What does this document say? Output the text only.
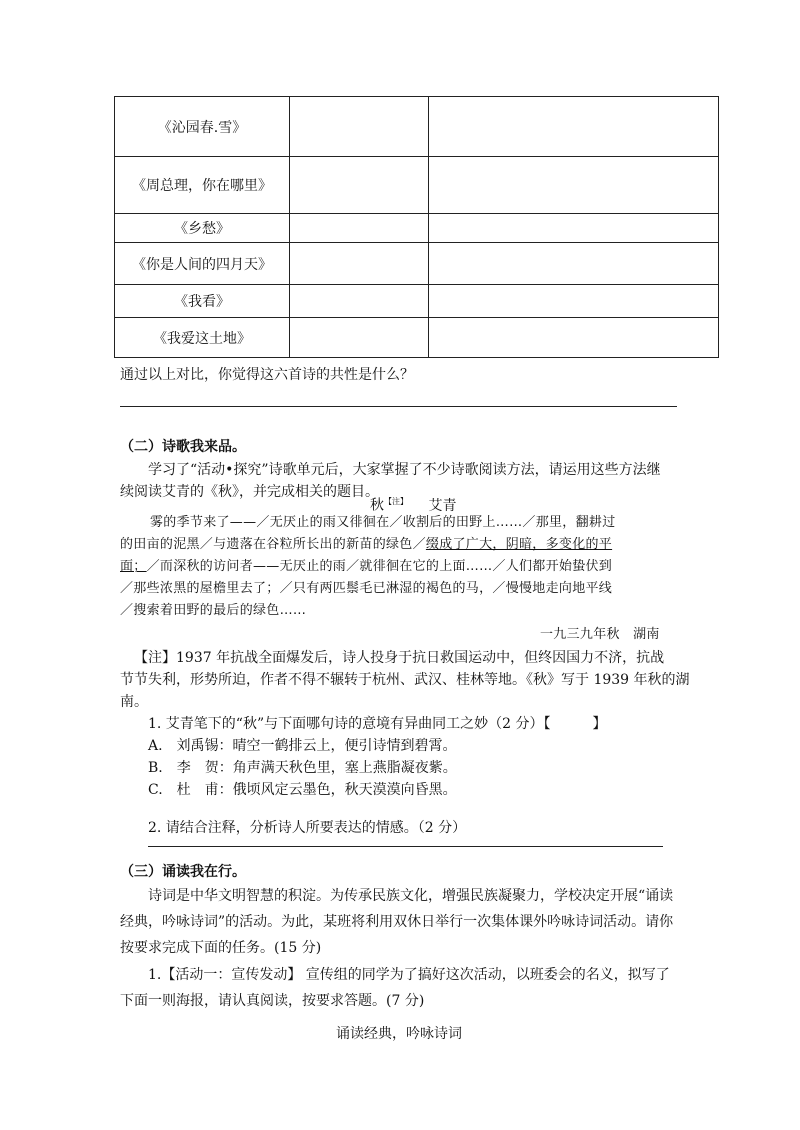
《沁园春.雪》		
《周总理，你在哪里》		
《乡愁》		
《你是人间的四月天》		
《我看》		
《我爱这土地》		
通过以上对比，你觉得这六首诗的共性是什么？
（二）诗歌我来品。
学习了“活动•探究”诗歌单元后，大家掌握了不少诗歌阅读方法，请运用这些方法继
续阅读艾青的《秋》，并完成相关的题目。
秋$^{【注】}$ 艾青
雾的季节来了——／无厌止的雨又徘徊在／收割后的田野上……／那里，翻耕过
的田亩的泥黑／与遗落在谷粒所长出的新苗的绿色／缀成了广大，阴暗，多变化的平
面；／而深秋的访问者——无厌止的雨／就徘徊在它的上面……／人们都开始蛰伏到
／那些浓黑的屋檐里去了；／只有两匹鬃毛已淋湿的褐色的马，／慢慢地走向地平线
／搜索着田野的最后的绿色……
一九三九年秋　湖南
【注】1937 年抗战全面爆发后，诗人投身于抗日救国运动中，但终因国力不济，抗战
节节失利，形势所迫，作者不得不辗转于杭州、武汉、桂林等地。《秋》写于 1939 年秋的湖
南。
1. 艾青笔下的“秋”与下面哪句诗的意境有异曲同工之妙（2 分）【　　　】
A.　刘禹锡：晴空一鹤排云上，便引诗情到碧霄。
B.　李　贺：角声满天秋色里，塞上燕脂凝夜紫。
C.　杜　甫：俄顷风定云墨色，秋天漠漠向昏黑。
2. 请结合注释，分析诗人所要表达的情感。（2 分）
（三）诵读我在行。
诗词是中华文明智慧的积淀。为传承民族文化，增强民族凝聚力，学校决定开展“诵读
经典，吟咏诗词”的活动。为此，某班将利用双休日举行一次集体课外吟咏诗词活动。请你
按要求完成下面的任务。(15 分)
1.【活动一：宣传发动】 宣传组的同学为了搞好这次活动，以班委会的名义，拟写了
下面一则海报，请认真阅读，按要求答题。(7 分)
诵读经典，吟咏诗词
